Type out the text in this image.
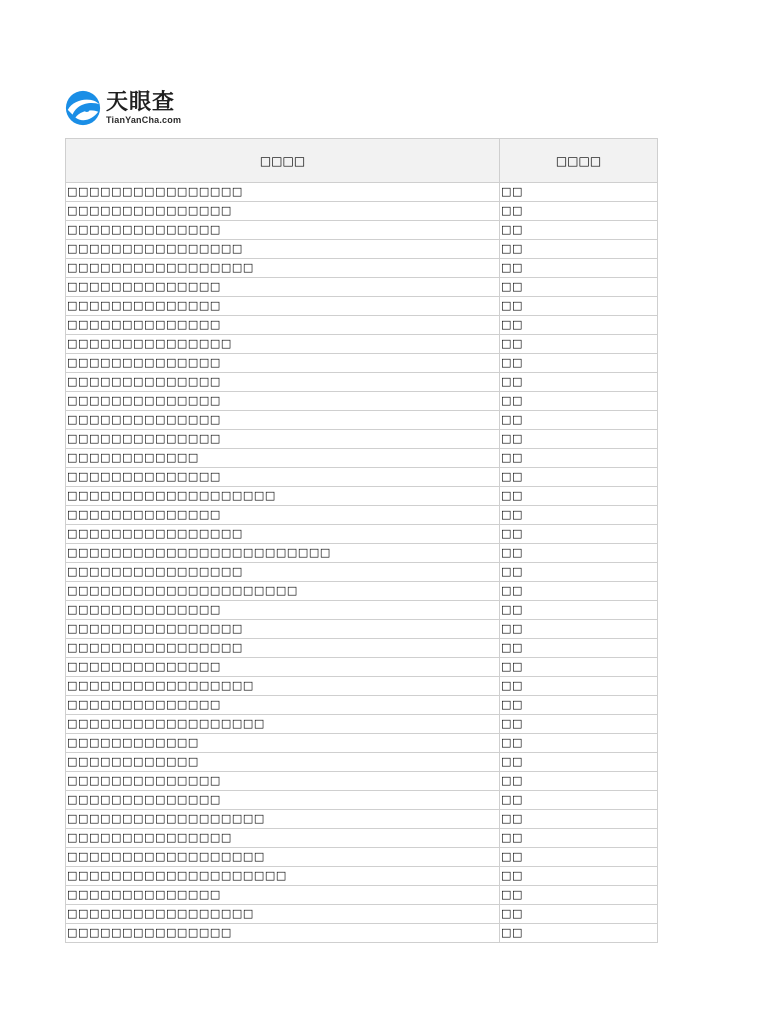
天眼查
TianYanCha.com
□□□□	□□□□
□□□□□□□□□□□□□□□□	□□
□□□□□□□□□□□□□□□	□□
□□□□□□□□□□□□□□	□□
□□□□□□□□□□□□□□□□	□□
□□□□□□□□□□□□□□□□□	□□
□□□□□□□□□□□□□□	□□
□□□□□□□□□□□□□□	□□
□□□□□□□□□□□□□□	□□
□□□□□□□□□□□□□□□	□□
□□□□□□□□□□□□□□	□□
□□□□□□□□□□□□□□	□□
□□□□□□□□□□□□□□	□□
□□□□□□□□□□□□□□	□□
□□□□□□□□□□□□□□	□□
□□□□□□□□□□□□	□□
□□□□□□□□□□□□□□	□□
□□□□□□□□□□□□□□□□□□□	□□
□□□□□□□□□□□□□□	□□
□□□□□□□□□□□□□□□□	□□
□□□□□□□□□□□□□□□□□□□□□□□□	□□
□□□□□□□□□□□□□□□□	□□
□□□□□□□□□□□□□□□□□□□□□	□□
□□□□□□□□□□□□□□	□□
□□□□□□□□□□□□□□□□	□□
□□□□□□□□□□□□□□□□	□□
□□□□□□□□□□□□□□	□□
□□□□□□□□□□□□□□□□□	□□
□□□□□□□□□□□□□□	□□
□□□□□□□□□□□□□□□□□□	□□
□□□□□□□□□□□□	□□
□□□□□□□□□□□□	□□
□□□□□□□□□□□□□□	□□
□□□□□□□□□□□□□□	□□
□□□□□□□□□□□□□□□□□□	□□
□□□□□□□□□□□□□□□	□□
□□□□□□□□□□□□□□□□□□	□□
□□□□□□□□□□□□□□□□□□□□	□□
□□□□□□□□□□□□□□	□□
□□□□□□□□□□□□□□□□□	□□
□□□□□□□□□□□□□□□	□□
